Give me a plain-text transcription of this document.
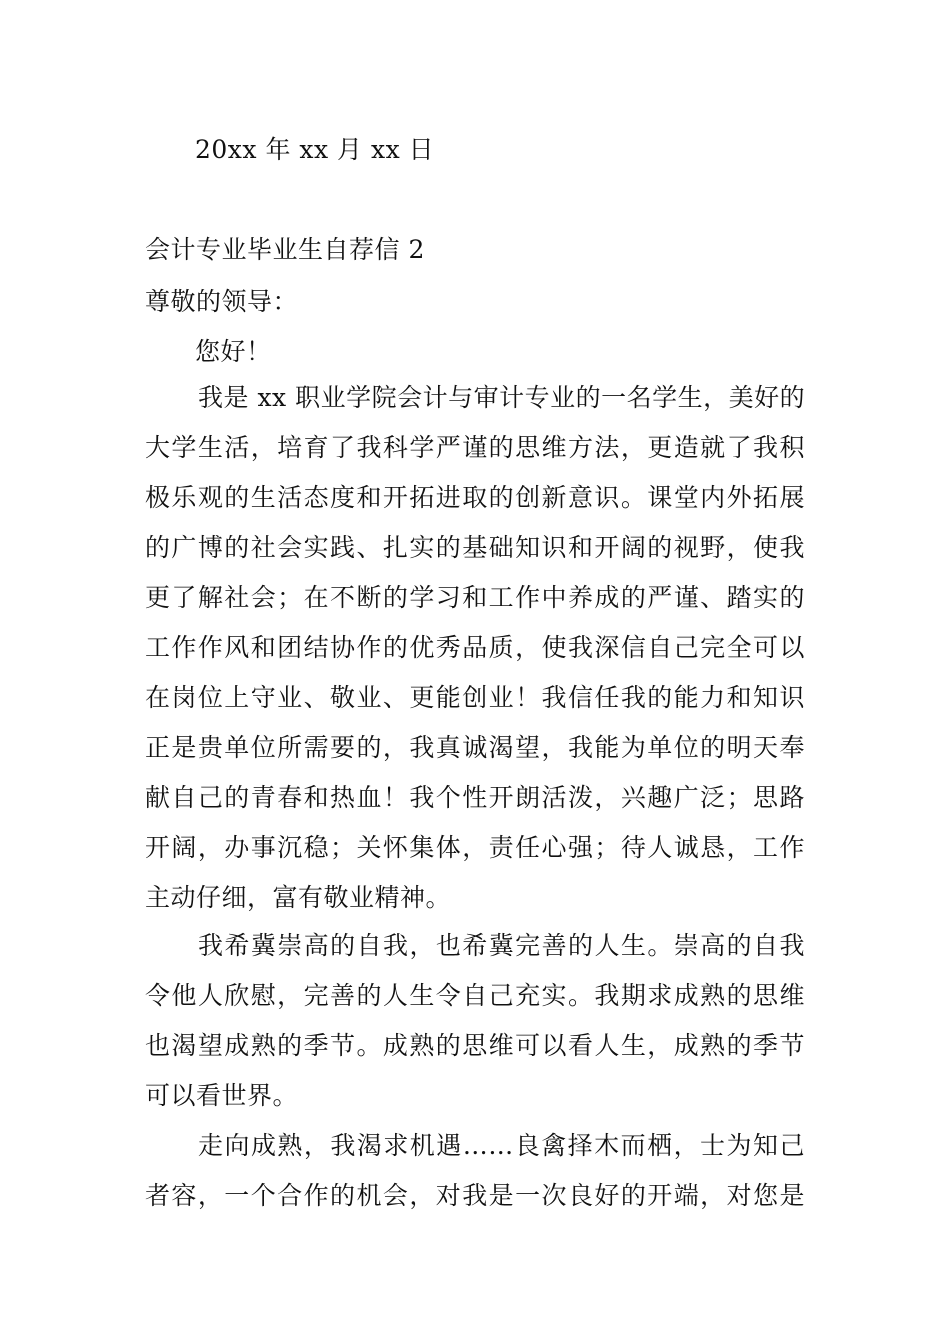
20xx 年 xx 月 xx 日
会计专业毕业生自荐信 2
尊敬的领导：
您好！
我是 xx 职业学院会计与审计专业的一名学生，美好的
大学生活，培育了我科学严谨的思维方法，更造就了我积
极乐观的生活态度和开拓进取的创新意识。课堂内外拓展
的广博的社会实践、扎实的基础知识和开阔的视野，使我
更了解社会；在不断的学习和工作中养成的严谨、踏实的
工作作风和团结协作的优秀品质，使我深信自己完全可以
在岗位上守业、敬业、更能创业！我信任我的能力和知识
正是贵单位所需要的，我真诚渴望，我能为单位的明天奉
献自己的青春和热血！我个性开朗活泼，兴趣广泛；思路
开阔，办事沉稳；关怀集体，责任心强；待人诚恳，工作
主动仔细，富有敬业精神。
我希冀崇高的自我，也希冀完善的人生。崇高的自我
令他人欣慰，完善的人生令自己充实。我期求成熟的思维
也渴望成熟的季节。成熟的思维可以看人生，成熟的季节
可以看世界。
走向成熟，我渴求机遇……良禽择木而栖，士为知己
者容，一个合作的机会，对我是一次良好的开端，对您是
